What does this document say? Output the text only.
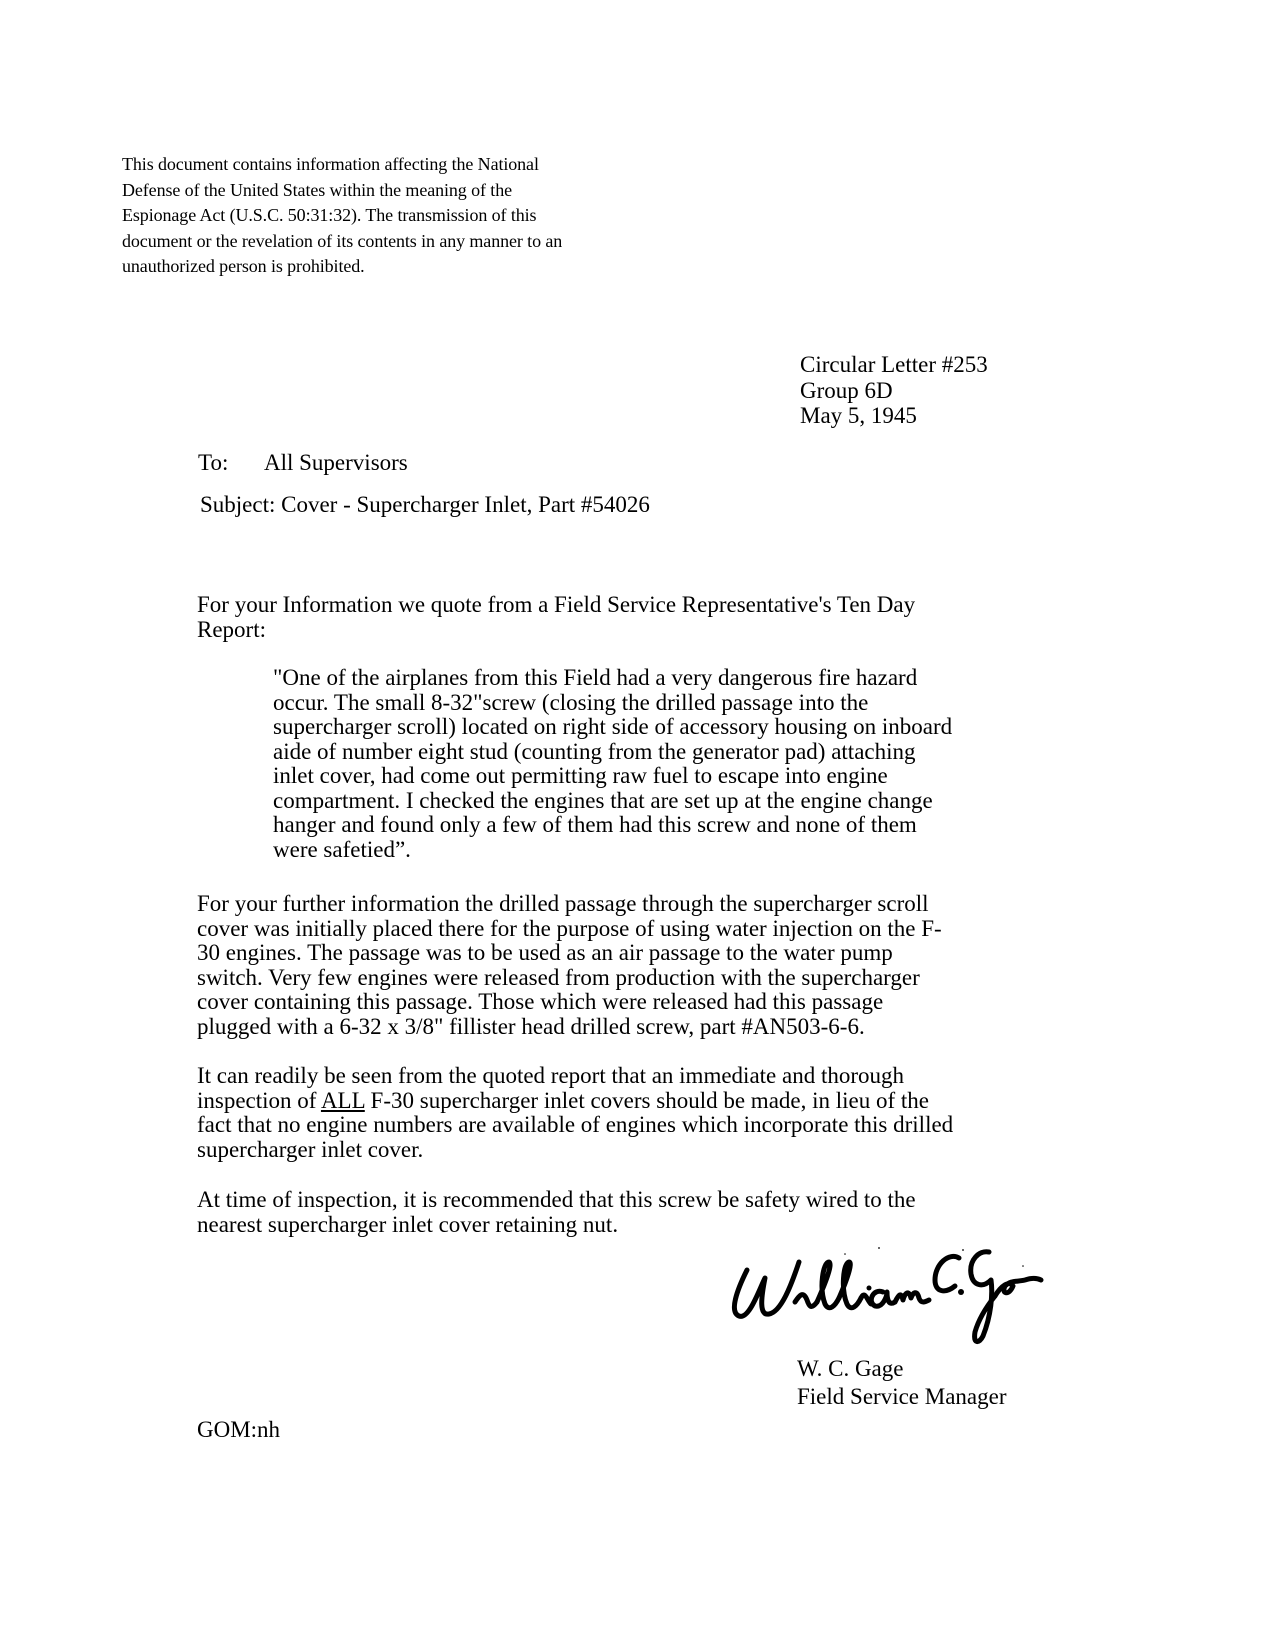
This document contains information affecting the National
Defense of the United States within the meaning of the
Espionage Act (U.S.C. 50:31:32). The transmission of this
document or the revelation of its contents in any manner to an
unauthorized person is prohibited.
Circular Letter #253
Group 6D
May 5, 1945
To: All Supervisors
Subject: Cover - Supercharger Inlet, Part #54026
For your Information we quote from a Field Service Representative's Ten Day
Report:
"One of the airplanes from this Field had a very dangerous fire hazard
occur. The small 8-32"screw (closing the drilled passage into the
supercharger scroll) located on right side of accessory housing on inboard
aide of number eight stud (counting from the generator pad) attaching
inlet cover, had come out permitting raw fuel to escape into engine
compartment. I checked the engines that are set up at the engine change
hanger and found only a few of them had this screw and none of them
were safetied”.
For your further information the drilled passage through the supercharger scroll
cover was initially placed there for the purpose of using water injection on the F-
30 engines. The passage was to be used as an air passage to the water pump
switch. Very few engines were released from production with the supercharger
cover containing this passage. Those which were released had this passage
plugged with a 6-32 x 3/8" fillister head drilled screw, part #AN503-6-6.
It can readily be seen from the quoted report that an immediate and thorough
inspection of ALL F-30 supercharger inlet covers should be made, in lieu of the
fact that no engine numbers are available of engines which incorporate this drilled
supercharger inlet cover.
At time of inspection, it is recommended that this screw be safety wired to the
nearest supercharger inlet cover retaining nut.
W. C. Gage
Field Service Manager
GOM:nh
